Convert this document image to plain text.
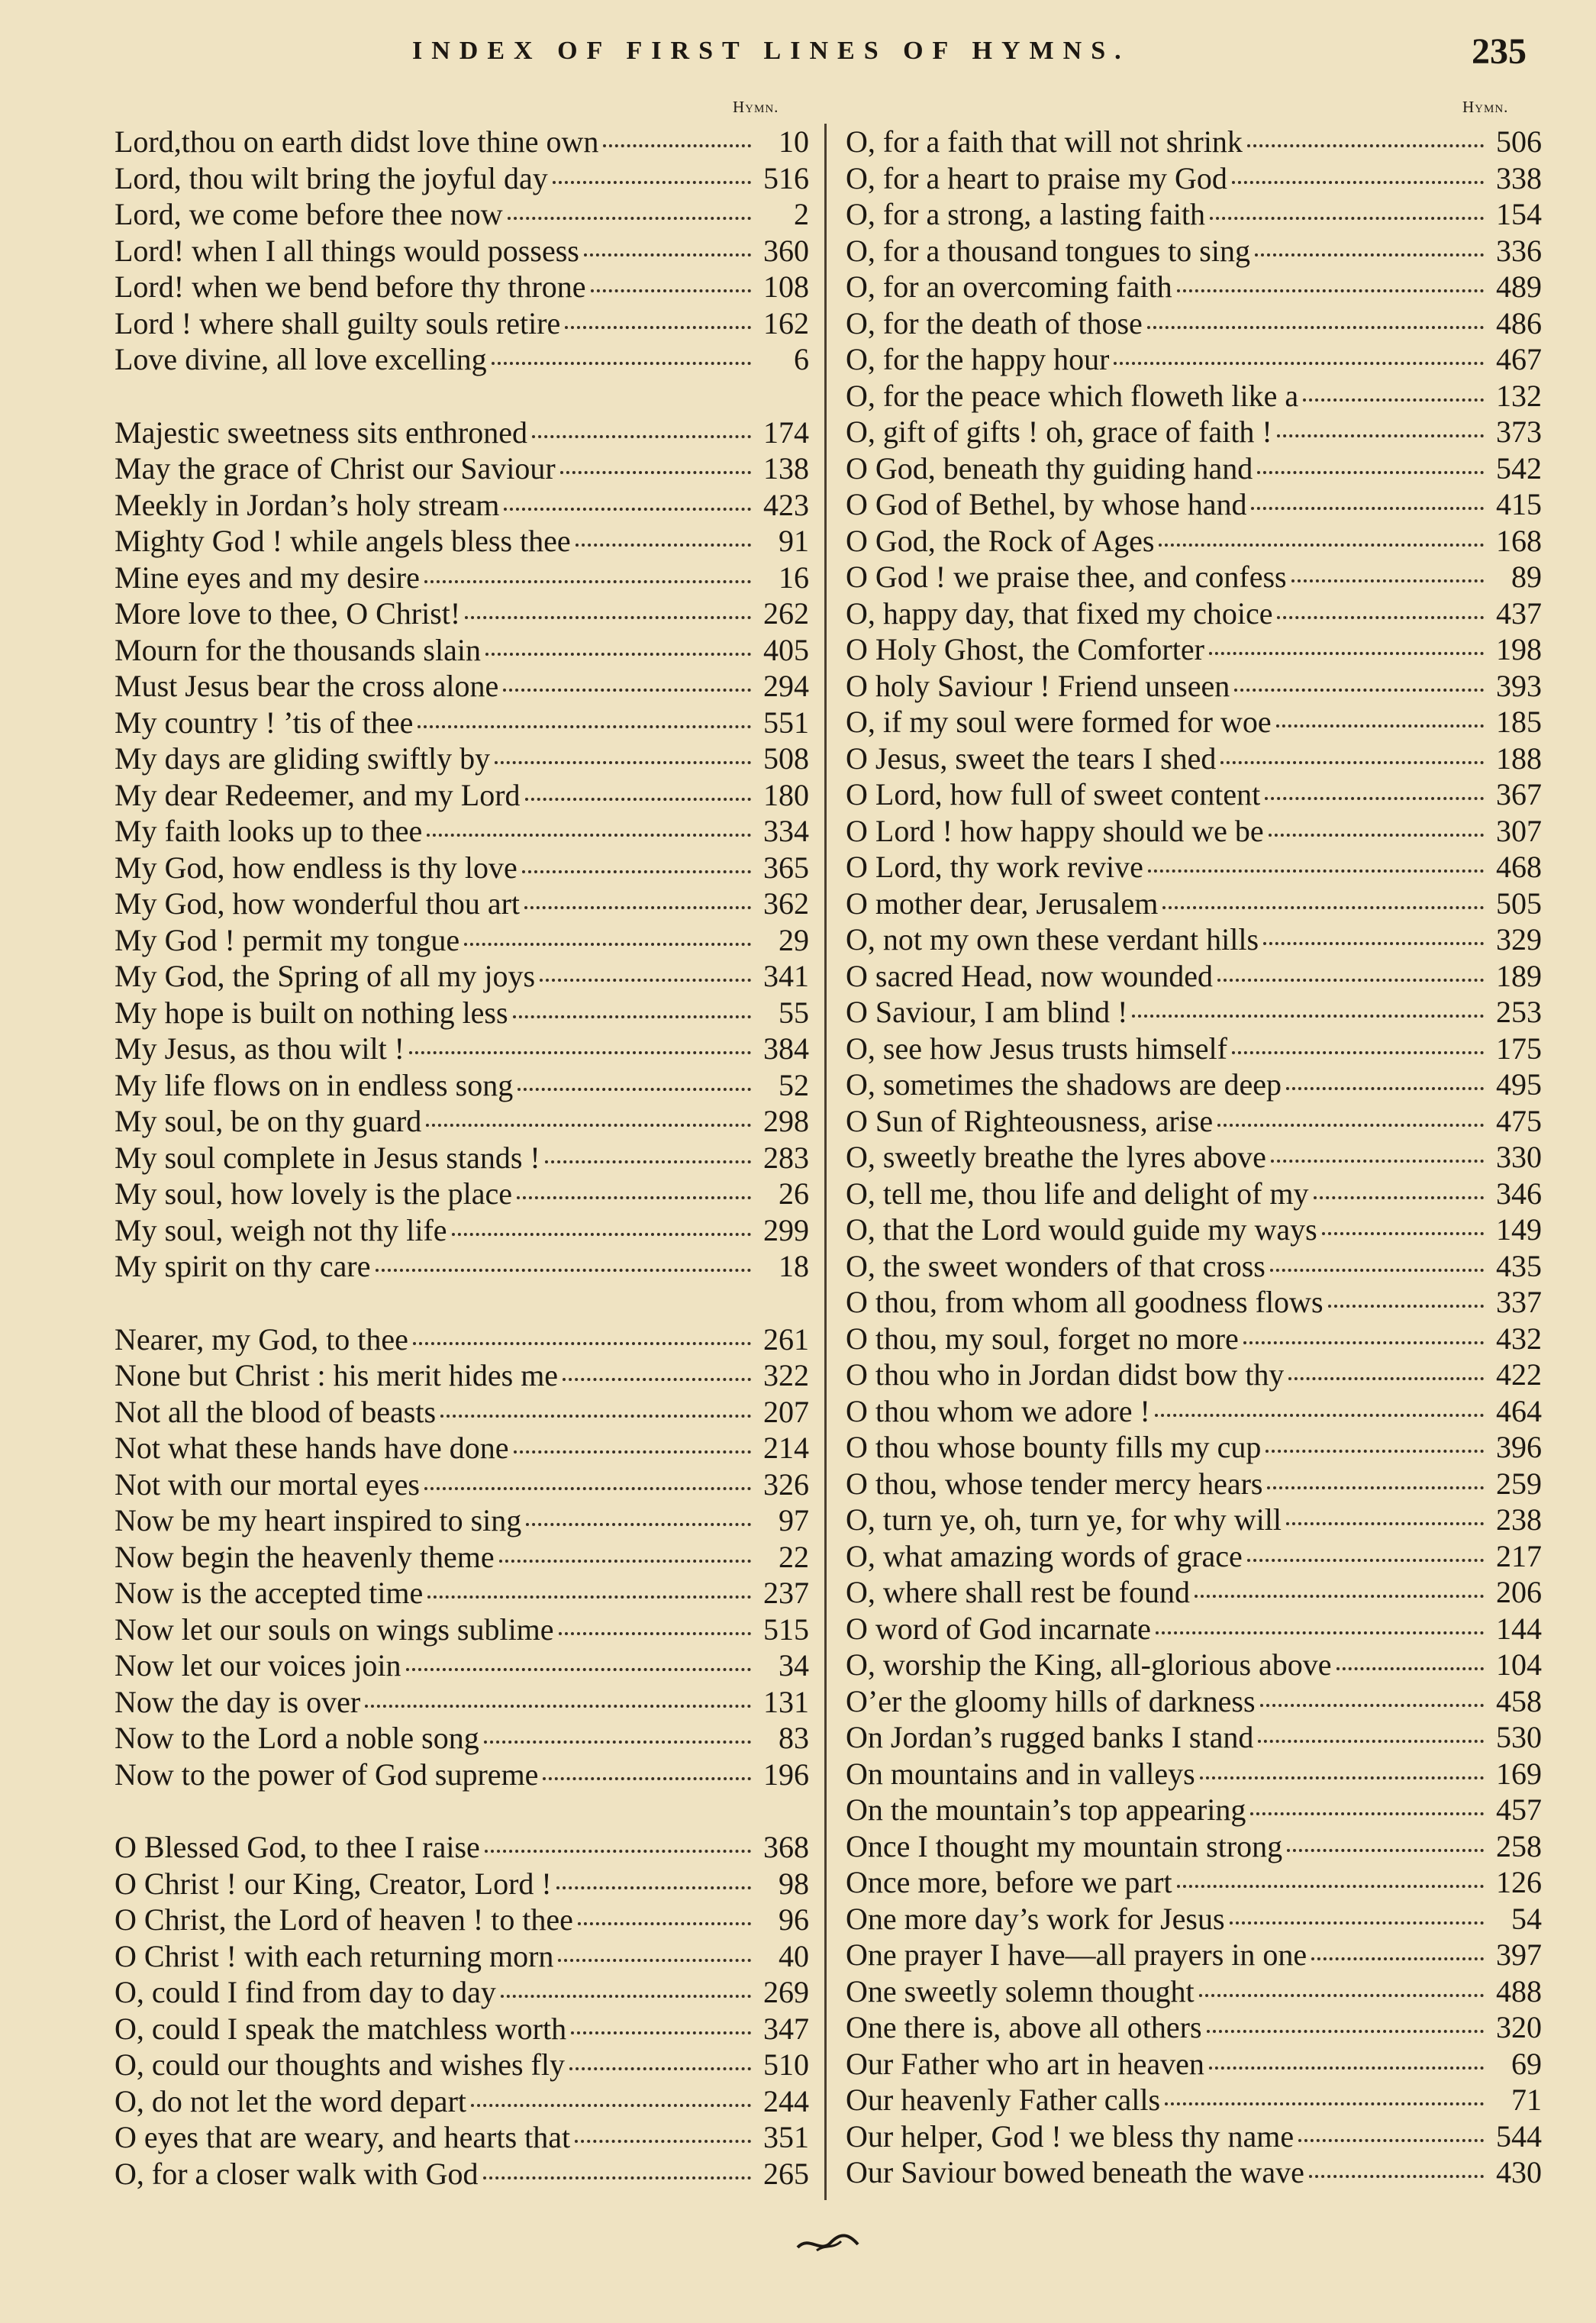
INDEX OF FIRST LINES OF HYMNS.	235
Hymn.	Hymn.
Lord,thou on earth didst love thine own	10
Lord, thou wilt bring the joyful day	516
Lord, we come before thee now	2
Lord! when I all things would possess	360
Lord! when we bend before thy throne	108
Lord ! where shall guilty souls retire	162
Love divine, all love excelling	6
Majestic sweetness sits enthroned	174
May the grace of Christ our Saviour	138
Meekly in Jordan’s holy stream	423
Mighty God ! while angels bless thee	91
Mine eyes and my desire	16
More love to thee, O Christ!	262
Mourn for the thousands slain	405
Must Jesus bear the cross alone	294
My country ! ’tis of thee	551
My days are gliding swiftly by	508
My dear Redeemer, and my Lord	180
My faith looks up to thee	334
My God, how endless is thy love	365
My God, how wonderful thou art	362
My God ! permit my tongue	29
My God, the Spring of all my joys	341
My hope is built on nothing less	55
My Jesus, as thou wilt !	384
My life flows on in endless song	52
My soul, be on thy guard	298
My soul complete in Jesus stands !	283
My soul, how lovely is the place	26
My soul, weigh not thy life	299
My spirit on thy care	18
Nearer, my God, to thee	261
None but Christ : his merit hides me	322
Not all the blood of beasts	207
Not what these hands have done	214
Not with our mortal eyes	326
Now be my heart inspired to sing	97
Now begin the heavenly theme	22
Now is the accepted time	237
Now let our souls on wings sublime	515
Now let our voices join	34
Now the day is over	131
Now to the Lord a noble song	83
Now to the power of God supreme	196
O Blessed God, to thee I raise	368
O Christ ! our King, Creator, Lord !	98
O Christ, the Lord of heaven ! to thee	96
O Christ ! with each returning morn	40
O, could I find from day to day	269
O, could I speak the matchless worth	347
O, could our thoughts and wishes fly	510
O, do not let the word depart	244
O eyes that are weary, and hearts that	351
O, for a closer walk with God	265
O, for a faith that will not shrink	506
O, for a heart to praise my God	338
O, for a strong, a lasting faith	154
O, for a thousand tongues to sing	336
O, for an overcoming faith	489
O, for the death of those	486
O, for the happy hour	467
O, for the peace which floweth like a	132
O, gift of gifts ! oh, grace of faith !	373
O God, beneath thy guiding hand	542
O God of Bethel, by whose hand	415
O God, the Rock of Ages	168
O God ! we praise thee, and confess	89
O, happy day, that fixed my choice	437
O Holy Ghost, the Comforter	198
O holy Saviour ! Friend unseen	393
O, if my soul were formed for woe	185
O Jesus, sweet the tears I shed	188
O Lord, how full of sweet content	367
O Lord ! how happy should we be	307
O Lord, thy work revive	468
O mother dear, Jerusalem	505
O, not my own these verdant hills	329
O sacred Head, now wounded	189
O Saviour, I am blind !	253
O, see how Jesus trusts himself	175
O, sometimes the shadows are deep	495
O Sun of Righteousness, arise	475
O, sweetly breathe the lyres above	330
O, tell me, thou life and delight of my	346
O, that the Lord would guide my ways	149
O, the sweet wonders of that cross	435
O thou, from whom all goodness flows	337
O thou, my soul, forget no more	432
O thou who in Jordan didst bow thy	422
O thou whom we adore !	464
O thou whose bounty fills my cup	396
O thou, whose tender mercy hears	259
O, turn ye, oh, turn ye, for why will	238
O, what amazing words of grace	217
O, where shall rest be found	206
O word of God incarnate	144
O, worship the King, all-glorious above	104
O’er the gloomy hills of darkness	458
On Jordan’s rugged banks I stand	530
On mountains and in valleys	169
On the mountain’s top appearing	457
Once I thought my mountain strong	258
Once more, before we part	126
One more day’s work for Jesus	54
One prayer I have—all prayers in one	397
One sweetly solemn thought	488
One there is, above all others	320
Our Father who art in heaven	69
Our heavenly Father calls	71
Our helper, God ! we bless thy name	544
Our Saviour bowed beneath the wave	430
